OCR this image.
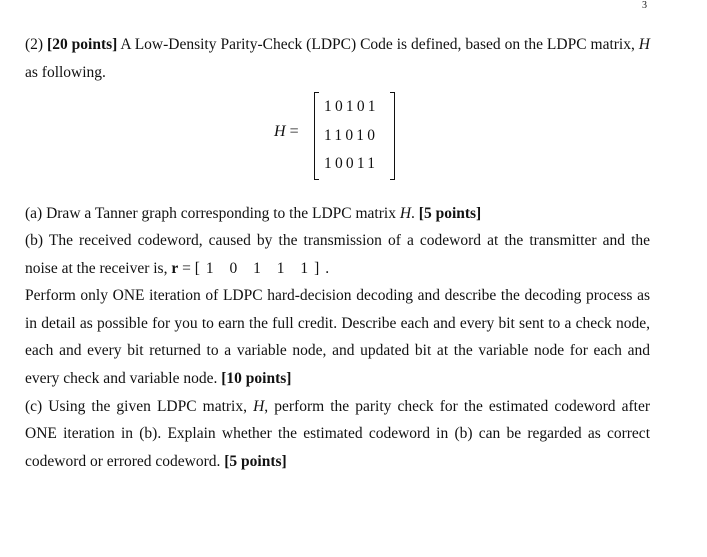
3
(2) [20 points] A Low-Density Parity-Check (LDPC) Code is defined, based on the LDPC matrix, H as following.
H =
10101
11010
10011
(a) Draw a Tanner graph corresponding to the LDPC matrix H. [5 points]
(b) The received codeword, caused by the transmission of a codeword at the transmitter and the noise at the receiver is, r = [1 0 1 1 1].
Perform only ONE iteration of LDPC hard-decision decoding and describe the decoding process as in detail as possible for you to earn the full credit. Describe each and every bit sent to a check node, each and every bit returned to a variable node, and updated bit at the variable node for each and every check and variable node. [10 points]
(c) Using the given LDPC matrix, H, perform the parity check for the estimated codeword after ONE iteration in (b). Explain whether the estimated codeword in (b) can be regarded as correct codeword or errored codeword. [5 points]
